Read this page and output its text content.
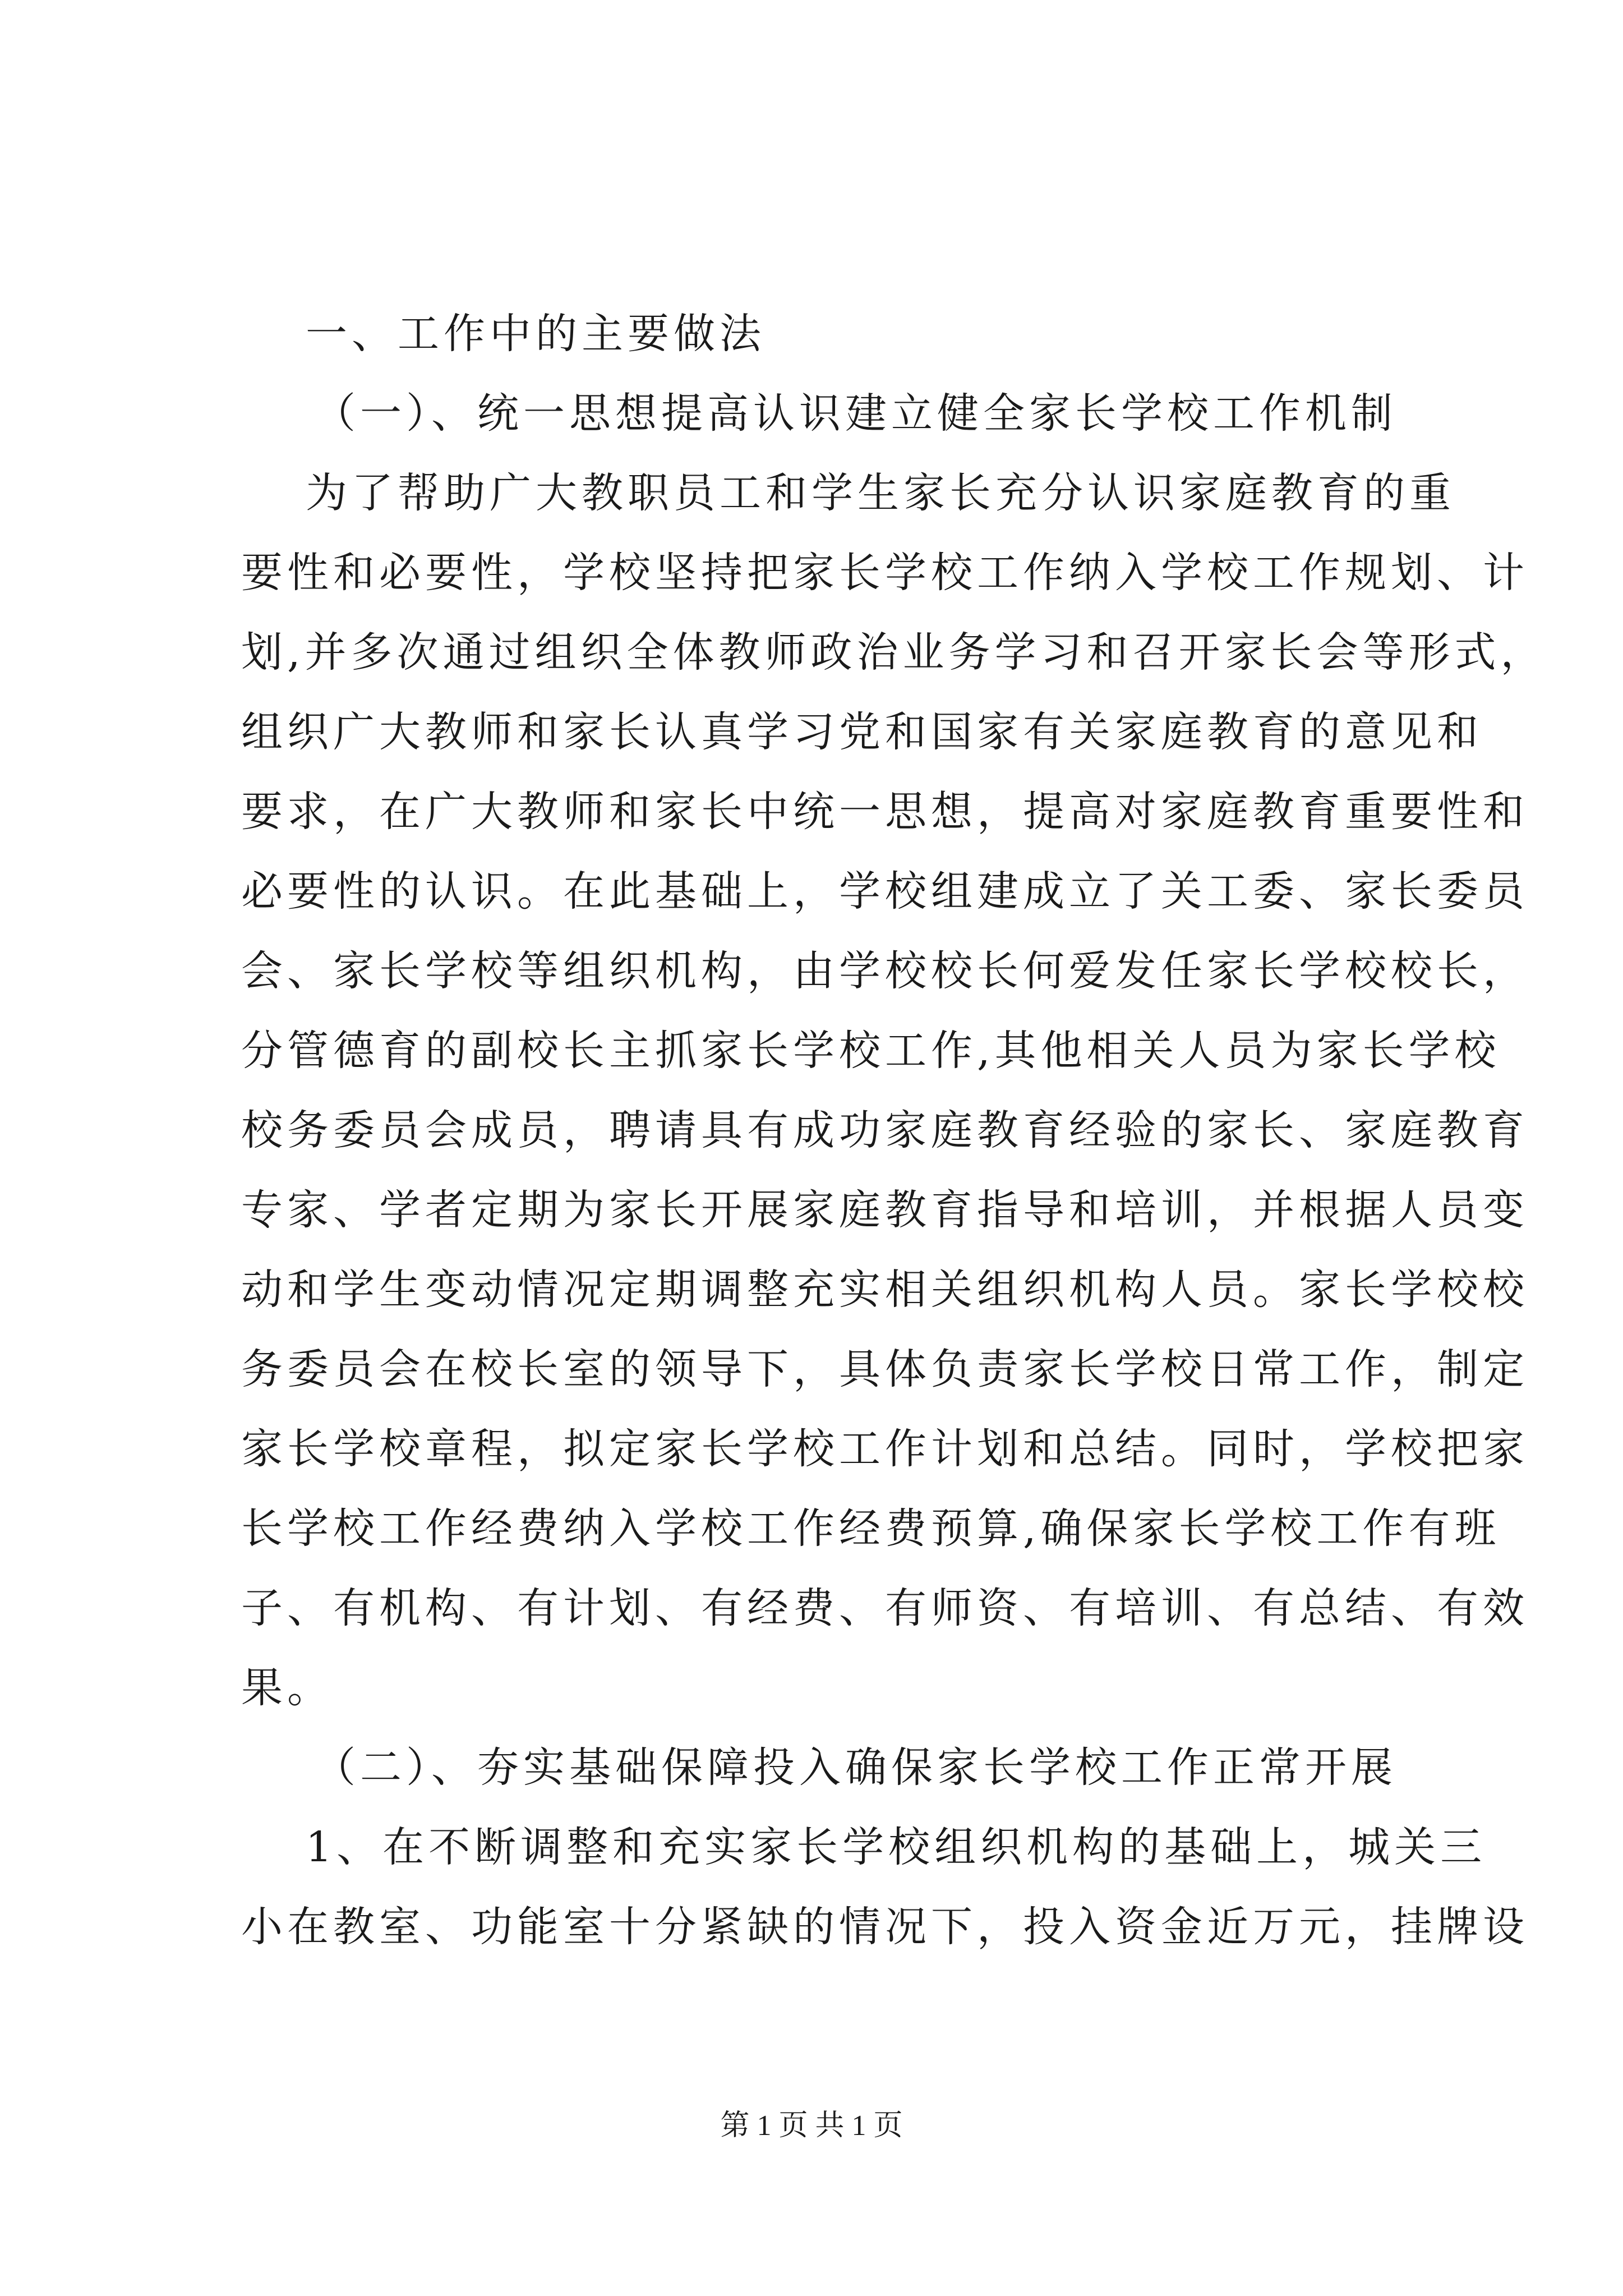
一、工作中的主要做法
（一）、统一思想提高认识建立健全家长学校工作机制
为了帮助广大教职员工和学生家长充分认识家庭教育的重
要性和必要性，学校坚持把家长学校工作纳入学校工作规划、计
划,并多次通过组织全体教师政治业务学习和召开家长会等形式，
组织广大教师和家长认真学习党和国家有关家庭教育的意见和
要求，在广大教师和家长中统一思想，提高对家庭教育重要性和
必要性的认识。在此基础上，学校组建成立了关工委、家长委员
会、家长学校等组织机构，由学校校长何爱发任家长学校校长，
分管德育的副校长主抓家长学校工作,其他相关人员为家长学校
校务委员会成员，聘请具有成功家庭教育经验的家长、家庭教育
专家、学者定期为家长开展家庭教育指导和培训，并根据人员变
动和学生变动情况定期调整充实相关组织机构人员。家长学校校
务委员会在校长室的领导下，具体负责家长学校日常工作，制定
家长学校章程，拟定家长学校工作计划和总结。同时，学校把家
长学校工作经费纳入学校工作经费预算,确保家长学校工作有班
子、有机构、有计划、有经费、有师资、有培训、有总结、有效
果。
（二）、夯实基础保障投入确保家长学校工作正常开展
1、在不断调整和充实家长学校组织机构的基础上，城关三
小在教室、功能室十分紧缺的情况下，投入资金近万元，挂牌设
第 1 页 共 1 页
